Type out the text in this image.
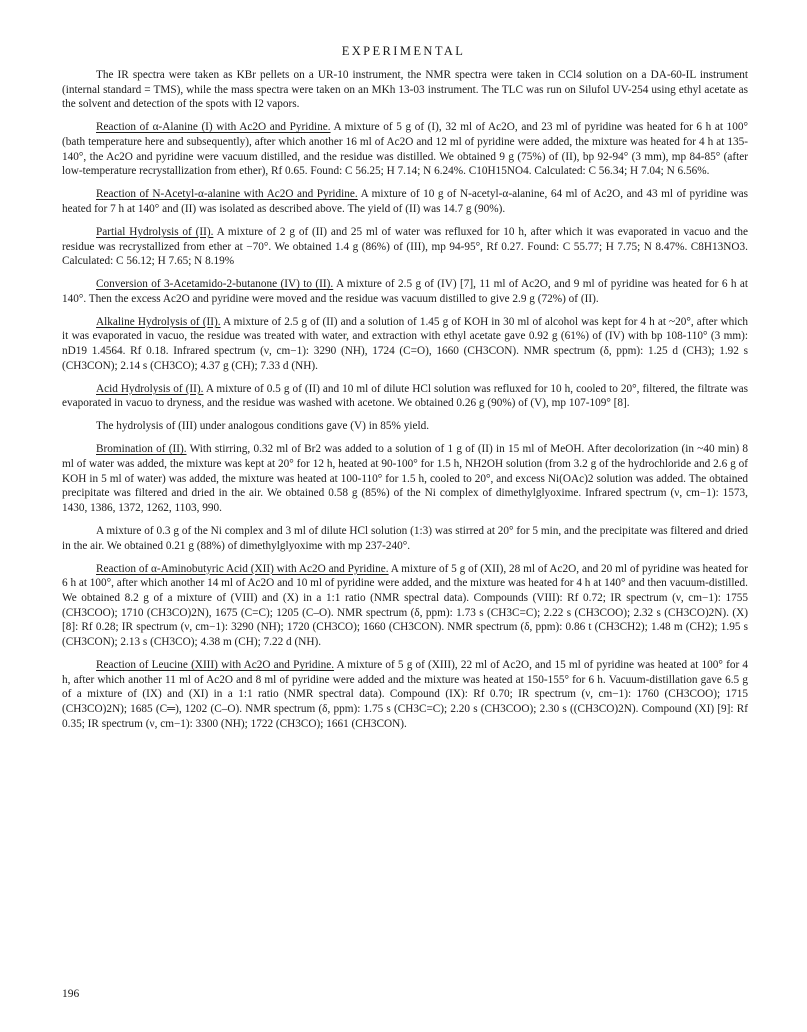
EXPERIMENTAL

The IR spectra were taken as KBr pellets on a UR-10 instrument, the NMR spectra were taken in CCl4 solution on a DA-60-IL instrument (internal standard = TMS), while the mass spectra were taken on an MKh 13-03 instrument. The TLC was run on Silufol UV-254 using ethyl acetate as the solvent and detection of the spots with I2 vapors.

Reaction of α-Alanine (I) with Ac2O and Pyridine. A mixture of 5 g of (I), 32 ml of Ac2O, and 23 ml of pyridine was heated for 6 h at 100° (bath temperature here and subsequently), after which another 16 ml of Ac2O and 12 ml of pyridine were added, the mixture was heated for 4 h at 135-140°, the Ac2O and pyridine were vacuum distilled, and the residue was distilled. We obtained 9 g (75%) of (II), bp 92-94° (3 mm), mp 84-85° (after low-temperature recrystallization from ether), Rf 0.65. Found: C 56.25; H 7.14; N 6.24%. C10H15NO4. Calculated: C 56.34; H 7.04; N 6.56%.

Reaction of N-Acetyl-α-alanine with Ac2O and Pyridine. A mixture of 10 g of N-acetyl-α-alanine, 64 ml of Ac2O, and 43 ml of pyridine was heated for 7 h at 140° and (II) was isolated as described above. The yield of (II) was 14.7 g (90%).

Partial Hydrolysis of (II). A mixture of 2 g of (II) and 25 ml of water was refluxed for 10 h, after which it was evaporated in vacuo and the residue was recrystallized from ether at −70°. We obtained 1.4 g (86%) of (III), mp 94-95°, Rf 0.27. Found: C 55.77; H 7.75; N 8.47%. C8H13NO3. Calculated: C 56.12; H 7.65; N 8.19%

Conversion of 3-Acetamido-2-butanone (IV) to (II). A mixture of 2.5 g of (IV) [7], 11 ml of Ac2O, and 9 ml of pyridine was heated for 6 h at 140°. Then the excess Ac2O and pyridine were moved and the residue was vacuum distilled to give 2.9 g (72%) of (II).

Alkaline Hydrolysis of (II). A mixture of 2.5 g of (II) and a solution of 1.45 g of KOH in 30 ml of alcohol was kept for 4 h at ~20°, after which it was evaporated in vacuo, the residue was treated with water, and extraction with ethyl acetate gave 0.92 g (61%) of (IV) with bp 108-110° (3 mm): nD19 1.4564. Rf 0.18. Infrared spectrum (ν, cm−1): 3290 (NH), 1724 (C=O), 1660 (CH3CON). NMR spectrum (δ, ppm): 1.25 d (CH3); 1.92 s (CH3CON); 2.14 s (CH3CO); 4.37 g (CH); 7.33 d (NH).

Acid Hydrolysis of (II). A mixture of 0.5 g of (II) and 10 ml of dilute HCl solution was refluxed for 10 h, cooled to 20°, filtered, the filtrate was evaporated in vacuo to dryness, and the residue was washed with acetone. We obtained 0.26 g (90%) of (V), mp 107-109° [8].

The hydrolysis of (III) under analogous conditions gave (V) in 85% yield.

Bromination of (II). With stirring, 0.32 ml of Br2 was added to a solution of 1 g of (II) in 15 ml of MeOH. After decolorization (in ~40 min) 8 ml of water was added, the mixture was kept at 20° for 12 h, heated at 90-100° for 1.5 h, NH2OH solution (from 3.2 g of the hydrochloride and 2.6 g of KOH in 5 ml of water) was added, the mixture was heated at 100-110° for 1.5 h, cooled to 20°, and excess Ni(OAc)2 solution was added. The obtained precipitate was filtered and dried in the air. We obtained 0.58 g (85%) of the Ni complex of dimethylglyoxime. Infrared spectrum (ν, cm−1): 1573, 1430, 1386, 1372, 1262, 1103, 990.

A mixture of 0.3 g of the Ni complex and 3 ml of dilute HCl solution (1:3) was stirred at 20° for 5 min, and the precipitate was filtered and dried in the air. We obtained 0.21 g (88%) of dimethylglyoxime with mp 237-240°.

Reaction of α-Aminobutyric Acid (XII) with Ac2O and Pyridine. A mixture of 5 g of (XII), 28 ml of Ac2O, and 20 ml of pyridine was heated for 6 h at 100°, after which another 14 ml of Ac2O and 10 ml of pyridine were added, and the mixture was heated for 4 h at 140° and then vacuum-distilled. We obtained 8.2 g of a mixture of (VIII) and (X) in a 1:1 ratio (NMR spectral data). Compounds (VIII): Rf 0.72; IR spectrum (ν, cm−1): 1755 (CH3COO); 1710 (CH3CO)2N), 1675 (C=C); 1205 (C–O). NMR spectrum (δ, ppm): 1.73 s (CH3C=C); 2.22 s (CH3COO); 2.32 s (CH3CO)2N). (X) [8]: Rf 0.28; IR spectrum (ν, cm−1): 3290 (NH); 1720 (CH3CO); 1660 (CH3CON). NMR spectrum (δ, ppm): 0.86 t (CH3CH2); 1.48 m (CH2); 1.95 s (CH3CON); 2.13 s (CH3CO); 4.38 m (CH); 7.22 d (NH).

Reaction of Leucine (XIII) with Ac2O and Pyridine. A mixture of 5 g of (XIII), 22 ml of Ac2O, and 15 ml of pyridine was heated at 100° for 4 h, after which another 11 ml of Ac2O and 8 ml of pyridine were added and the mixture was heated at 150-155° for 6 h. Vacuum-distillation gave 6.5 g of a mixture of (IX) and (XI) in a 1:1 ratio (NMR spectral data). Compound (IX): Rf 0.70; IR spectrum (ν, cm−1): 1760 (CH3COO); 1715 (CH3CO)2N); 1685 (C═), 1202 (C–O). NMR spectrum (δ, ppm): 1.75 s (CH3C=C); 2.20 s (CH3COO); 2.30 s ((CH3CO)2N). Compound (XI) [9]: Rf 0.35; IR spectrum (ν, cm−1): 3300 (NH); 1722 (CH3CO); 1661 (CH3CON).

196
